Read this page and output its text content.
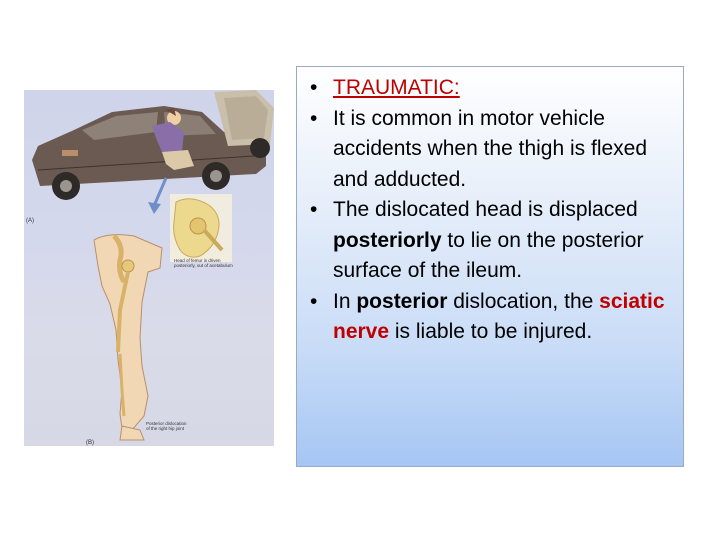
Head of femur is driven
posteriorly, out of acetabulum
Posterior dislocation
of the right hip joint
(A)
(B)
• TRAUMATIC:
• It is common in motor vehicle accidents when the thigh is flexed and adducted.
• The dislocated head is displaced posteriorly to lie on the posterior surface of the ileum.
• In posterior dislocation, the sciatic nerve is liable to be injured.
